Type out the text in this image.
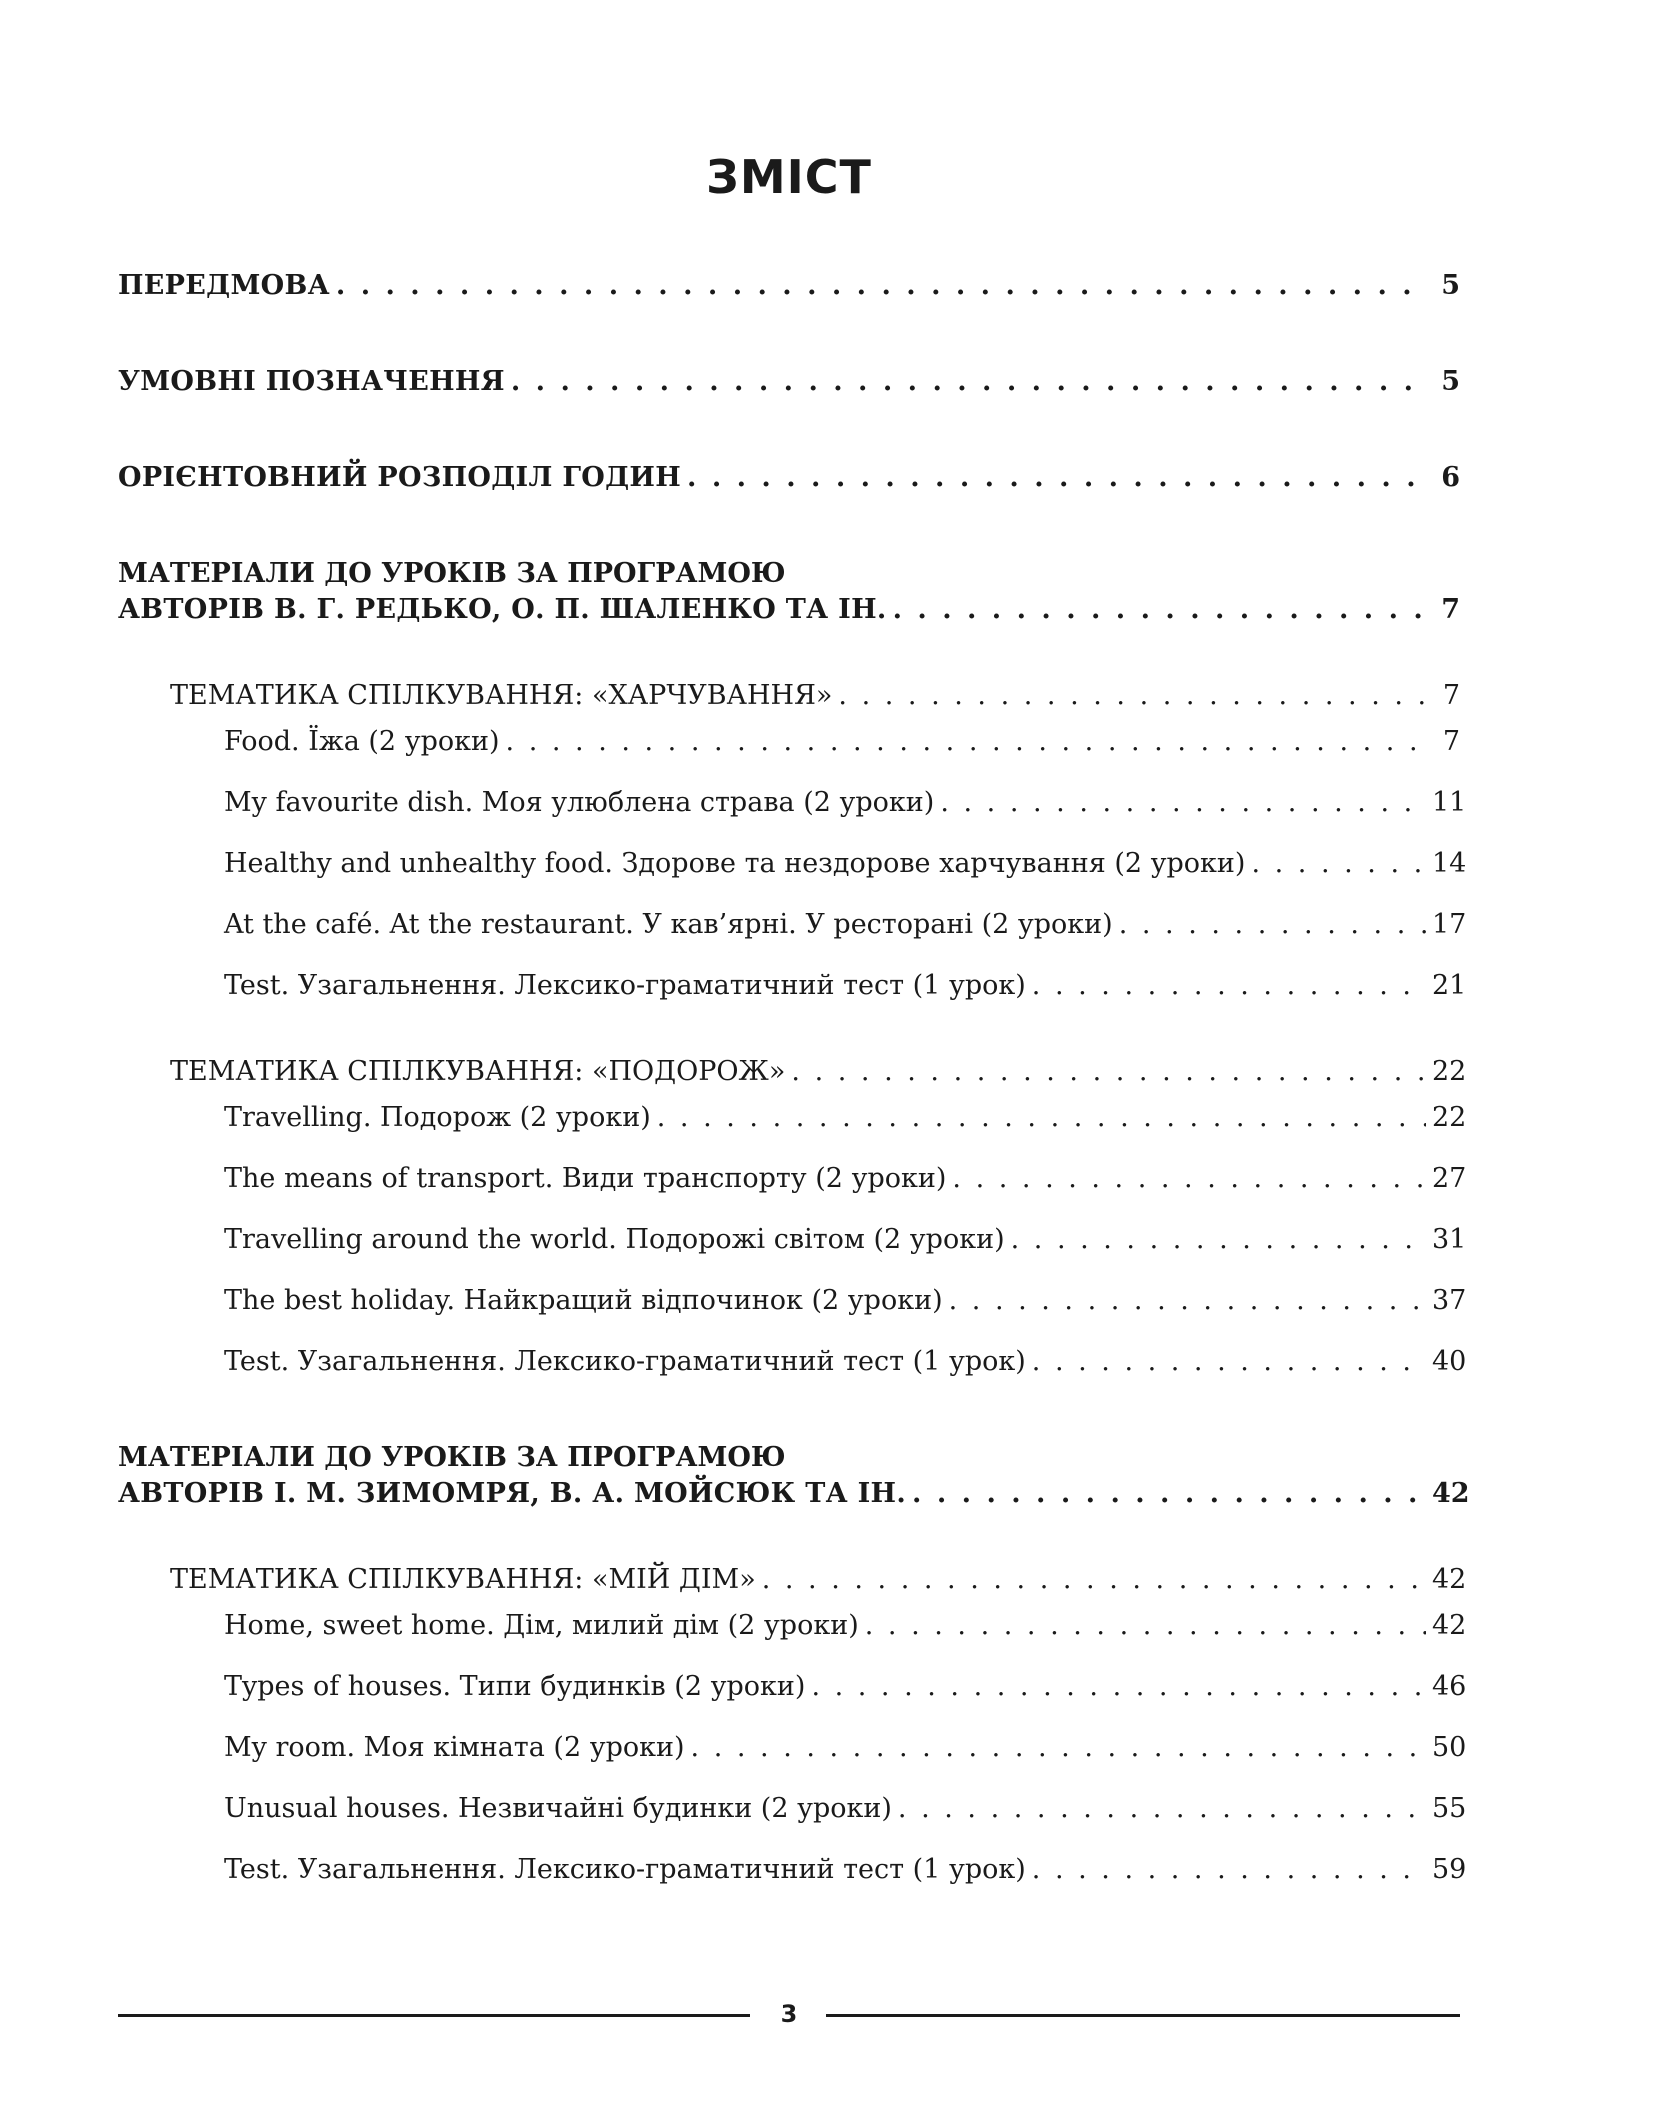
ЗМІСТ
ПЕРЕДМОВА . . .	5
УМОВНІ ПОЗНАЧЕННЯ . . .	5
ОРІЄНТОВНИЙ РОЗПОДІЛ ГОДИН . . .	6
МАТЕРІАЛИ ДО УРОКІВ ЗА ПРОГРАМОЮ
АВТОРІВ В. Г. РЕДЬКО, О. П. ШАЛЕНКО ТА ІН. . . .	7
ТЕМАТИКА СПІЛКУВАННЯ: «ХАРЧУВАННЯ» . . .	7
Food. Їжа (2 уроки) . . .	7
My favourite dish. Моя улюблена страва (2 уроки) . . .	11
Healthy and unhealthy food. Здорове та нездорове харчування (2 уроки) . . .	14
At the café. At the restaurant. У кав’ярні. У ресторані (2 уроки) . . .	17
Test. Узагальнення. Лексико-граматичний тест (1 урок) . . .	21
ТЕМАТИКА СПІЛКУВАННЯ: «ПОДОРОЖ» . . .	22
Travelling. Подорож (2 уроки) . . .	22
The means of transport. Види транспорту (2 уроки) . . .	27
Travelling around the world. Подорожі світом (2 уроки) . . .	31
The best holiday. Найкращий відпочинок (2 уроки) . . .	37
Test. Узагальнення. Лексико-граматичний тест (1 урок) . . .	40
МАТЕРІАЛИ ДО УРОКІВ ЗА ПРОГРАМОЮ
АВТОРІВ І. М. ЗИМОМРЯ, В. А. МОЙСЮК ТА ІН. . . .	42
ТЕМАТИКА СПІЛКУВАННЯ: «МІЙ ДІМ» . . .	42
Home, sweet home. Дім, милий дім (2 уроки) . . .	42
Types of houses. Типи будинків (2 уроки) . . .	46
My room. Моя кімната (2 уроки) . . .	50
Unusual houses. Незвичайні будинки (2 уроки) . . .	55
Test. Узагальнення. Лексико-граматичний тест (1 урок) . . .	59
3
